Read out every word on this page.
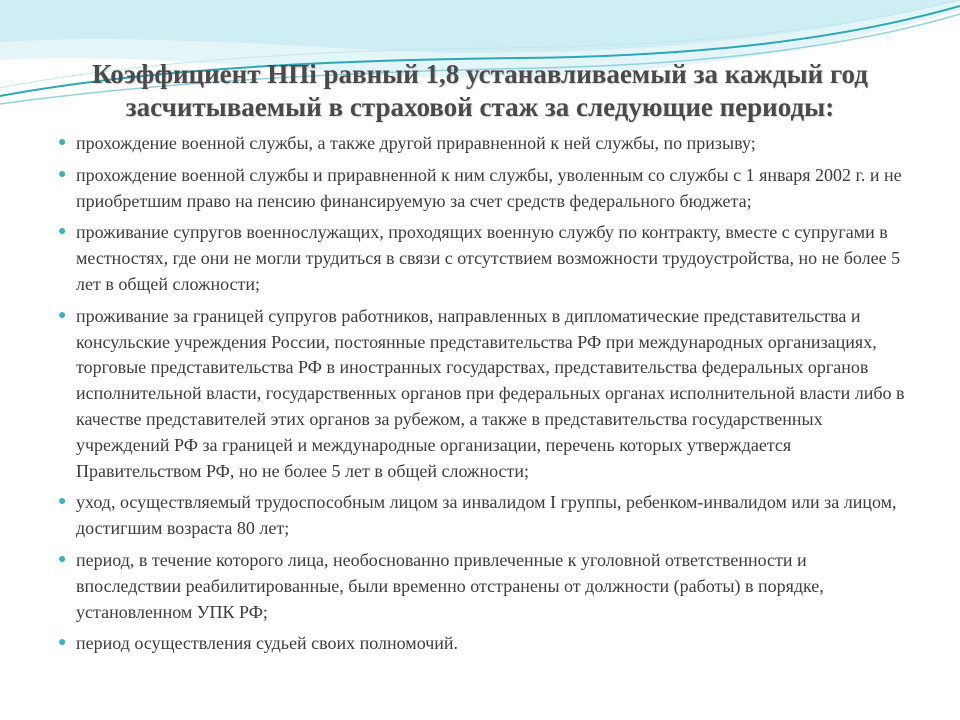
Коэффициент НПi равный 1,8 устанавливаемый за каждый год
засчитываемый в страховой стаж за следующие периоды:
● прохождение военной службы, а также другой приравненной к ней службы, по призыву;
● прохождение военной службы и приравненной к ним службы, уволенным со службы с 1 января 2002 г. и не приобретшим право на пенсию финансируемую за счет средств федерального бюджета;
● проживание супругов военнослужащих, проходящих военную службу по контракту, вместе с супругами в местностях, где они не могли трудиться в связи с отсутствием возможности трудоустройства, но не более 5 лет в общей сложности;
● проживание за границей супругов работников, направленных в дипломатические представительства и консульские учреждения России, постоянные представительства РФ при международных организациях, торговые представительства РФ в иностранных государствах, представительства федеральных органов исполнительной власти, государственных органов при федеральных органах исполнительной власти либо в качестве представителей этих органов за рубежом, а также в представительства государственных учреждений РФ за границей и международные организации, перечень которых утверждается Правительством РФ, но не более 5 лет в общей сложности;
● уход, осуществляемый трудоспособным лицом за инвалидом I группы, ребенком-инвалидом или за лицом, достигшим возраста 80 лет;
● период, в течение которого лица, необоснованно привлеченные к уголовной ответственности и впоследствии реабилитированные, были временно отстранены от должности (работы) в порядке, установленном УПК РФ;
● период осуществления судьей своих полномочий.
